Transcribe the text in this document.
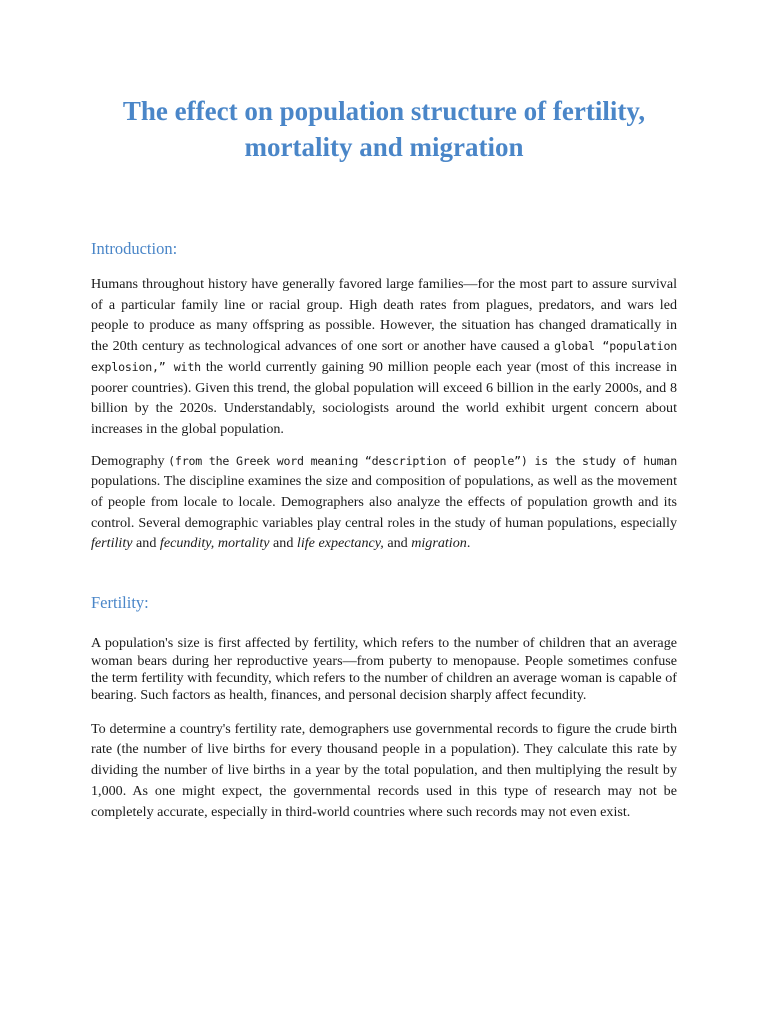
The effect on population structure of fertility, mortality and migration
Introduction:

Humans throughout history have generally favored large families—for the most part to assure survival of a particular family line or racial group. High death rates from plagues, predators, and wars led people to produce as many offspring as possible. However, the situation has changed dramatically in the 20th century as technological advances of one sort or another have caused a global “population explosion,” with the world currently gaining 90 million people each year (most of this increase in poorer countries). Given this trend, the global population will exceed 6 billion in the early 2000s, and 8 billion by the 2020s. Understandably, sociologists around the world exhibit urgent concern about increases in the global population.

Demography (from the Greek word meaning “description of people”) is the study of human populations. The discipline examines the size and composition of populations, as well as the movement of people from locale to locale. Demographers also analyze the effects of population growth and its control. Several demographic variables play central roles in the study of human populations, especially fertility and fecundity, mortality and life expectancy, and migration.

Fertility:

A population's size is first affected by fertility, which refers to the number of children that an average woman bears during her reproductive years—from puberty to menopause. People sometimes confuse the term fertility with fecundity, which refers to the number of children an average woman is capable of bearing. Such factors as health, finances, and personal decision sharply affect fecundity.

To determine a country's fertility rate, demographers use governmental records to figure the crude birth rate (the number of live births for every thousand people in a population). They calculate this rate by dividing the number of live births in a year by the total population, and then multiplying the result by 1,000. As one might expect, the governmental records used in this type of research may not be completely accurate, especially in third-world countries where such records may not even exist.
